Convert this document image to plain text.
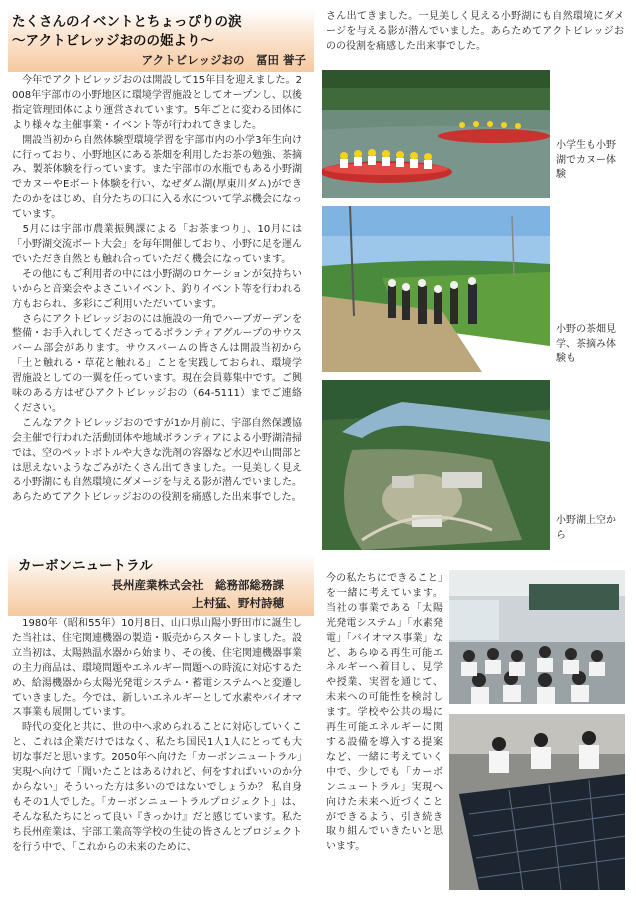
たくさんのイベントとちょっぴりの涙
～アクトビレッジおのの姫より～
アクトビレッジおの　冨田 誉子

　今年でアクトビレッジおのは開設して15年目を迎えました。2008年宇部市の小野地区に環境学習施設としてオープンし、以後指定管理団体により運営されています。5年ごとに変わる団体により様々な主催事業・イベント等が行われてきました。

　開設当初から自然体験型環境学習を宇部市内の小学3年生向けに行っており、小野地区にある茶畑を利用したお茶の勉強、茶摘み、製茶体験を行っています。また宇部市の水瓶でもある小野湖でカヌーやEボート体験を行い、なぜダム湖(厚東川ダム)ができたのかをはじめ、自分たちの口に入る水について学ぶ機会になっています。

　5月には宇部市農業振興課による「お茶まつり」、10月には「小野湖交流ボート大会」を毎年開催しており、小野に足を運んでいただき自然とも触れ合っていただく機会になっています。

　その他にもご利用者の中には小野湖のロケーションが気持ちいいからと音楽会やよさこいイベント、釣りイベント等を行われる方もおられ、多彩にご利用いただいています。

　さらにアクトビレッジおのには施設の一角でハーブガーデンを整備・お手入れしてくださってるボランティアグループのサウスバーム部会があります。サウスバームの皆さんは開設当初から「土と触れる・草花と触れる」ことを実践しておられ、環境学習施設としての一翼を任っています。現在会員募集中です。ご興味のある方はぜひアクトビレッジおの（64-5111）までご連絡ください。

　こんなアクトビレッジおのですが1か月前に、宇部自然保護協会主催で行われた活動団体や地域ボランティアによる小野湖清掃では、空のペットボトルや大きな洗剤の容器など水辺や山間部とは思えないようなごみがたくさん出てきました。一見美しく見える小野湖にも自然環境にダメージを与える影が潜んでいました。あらためてアクトビレッジおのの役割を痛感した出来事でした。

さん出てきました。一見美しく見える小野湖にも自然環境にダメージを与える影が潜んでいました。あらためてアクトビレッジおのの役割を痛感した出来事でした。
小学生も小野湖でカヌー体験
小野の茶畑見学、茶摘み体験も
小野湖上空から
カーボンニュートラル
長州産業株式会社　総務部総務課
上村猛、野村詩穂

　1980年（昭和55年）10月8日、山口県山陽小野田市に誕生した当社は、住宅関連機器の製造・販売からスタートしました。設立当初は、太陽熱温水器から始まり、その後、住宅関連機器事業の主力商品は、環境問題やエネルギー問題への時流に対応するため、給湯機器から太陽光発電システム・蓄電システムへと変遷していきました。今では、新しいエネルギーとして水素やバイオマス事業も展開しています。

　時代の変化と共に、世の中へ求められることに対応していくこと、これは企業だけではなく、私たち国民1人1人にとっても大切な事だと思います。2050年へ向けた「カーボンニュートラル」実現へ向けて「聞いたことはあるけれど、何をすればいいのか分からない」そういった方は多いのではないでしょうか？ 私自身もその1人でした。「カーボンニュートラルプロジェクト」は、そんな私たちにとって良い『きっかけ』だと感じています。私たち長州産業は、宇部工業高等学校の生徒の皆さんとプロジェクトを行う中で、「これからの未来のために、

今の私たちにできること」を一緒に考えています。当社の事業である「太陽光発電システム」「水素発電」「バイオマス事業」など、あらゆる再生可能エネルギーへ着目し、見学や授業、実習を通じて、未来への可能性を検討します。学校や公共の場に再生可能エネルギーに関する設備を導入する提案など、一緒に考えていく中で、少しでも「カーボンニュートラル」実現へ向けた未来へ近づくことができるよう、引き続き取り組んでいきたいと思います。
